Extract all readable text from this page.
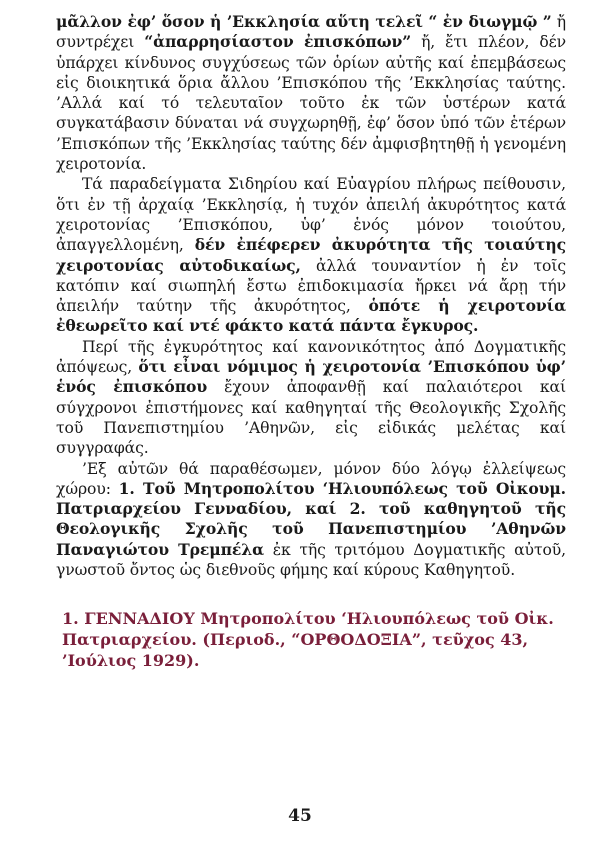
μᾶλλον ἐφ’ ὅσον ἡ ’Εκκλησία αὕτη τελεῖ “ ἐν διωγμῷ ” ἤ συντρέχει “ἀπαρρησίαστον ἐπισκόπων” ἤ, ἔτι πλέον, δέν ὑπάρχει κίνδυνος συγχύσεως τῶν ὁρίων αὐτῆς καί ἐπεμβάσεως εἰς διοικητικά ὅρια ἄλλου ’Επισκόπου τῆς ’Εκκλησίας ταύτης. ’Αλλά καί τό τελευταῖον τοῦτο ἐκ τῶν ὑστέρων κατά συγκατάβασιν δύναται νά συγχωρηθῇ, ἐφ’ ὅσον ὑπό τῶν ἑτέρων ’Επισκόπων τῆς ’Εκκλησίας ταύτης δέν ἀμφισβητηθῇ ἡ γενομένη χειροτονία.

Τά παραδείγματα Σιδηρίου καί Εὐαγρίου πλήρως πείθουσιν, ὅτι ἐν τῇ ἀρχαίᾳ ’Εκκλησίᾳ, ἡ τυχόν ἀπειλή ἀκυρότητος κατά χειροτονίας ’Επισκόπου, ὑφ’ ἑνός μόνον τοιούτου, ἀπαγγελλομένη, δέν ἐπέφερεν ἀκυρότητα τῆς τοιαύτης χειροτονίας αὐτοδικαίως, ἀλλά τουναντίον ἡ ἐν τοῖς κατόπιν καί σιωπηλή ἔστω ἐπιδοκιμασία ἤρκει νά ἄρῃ τήν ἀπειλήν ταύτην τῆς ἀκυρότητος, ὁπότε ἡ χειροτονία ἐθεωρεῖτο καί ντέ φάκτο κατά πάντα ἔγκυρος.

Περί τῆς ἐγκυρότητος καί κανονικότητος ἀπό Δογματικῆς ἀπόψεως, ὅτι εἶναι νόμιμος ἡ χειροτονία ’Επισκόπου ὑφ’ ἑνός ἐπισκόπου ἔχουν ἀποφανθῇ καί παλαιότεροι καί σύγχρονοι ἐπιστήμονες καί καθηγηταί τῆς Θεολογικῆς Σχολῆς τοῦ Πανεπιστημίου ’Αθηνῶν, εἰς εἰδικάς μελέτας καί συγγραφάς.

’Εξ αὐτῶν θά παραθέσωμεν, μόνον δύο λόγῳ ἐλλείψεως χώρου: 1. Τοῦ Μητροπολίτου ‘Ηλιουπόλεως τοῦ Οἰκουμ. Πατριαρχείου Γενναδίου, καί 2. τοῦ καθηγητοῦ τῆς Θεολογικῆς Σχολῆς τοῦ Πανεπιστημίου ’Αθηνῶν Παναγιώτου Τρεμπέλα ἐκ τῆς τριτόμου Δογματικῆς αὐτοῦ, γνωστοῦ ὄντος ὡς διεθνοῦς φήμης καί κύρους Καθηγητοῦ.

1. ΓΕΝΝΑΔΙΟΥ Μητροπολίτου ‘Ηλιουπόλεως τοῦ Οἰκ. Πατριαρχείου. (Περιοδ., “ΟΡΘΟΔΟΞΙΑ”, τεῦχος 43, ’Ιούλιος 1929).

45
